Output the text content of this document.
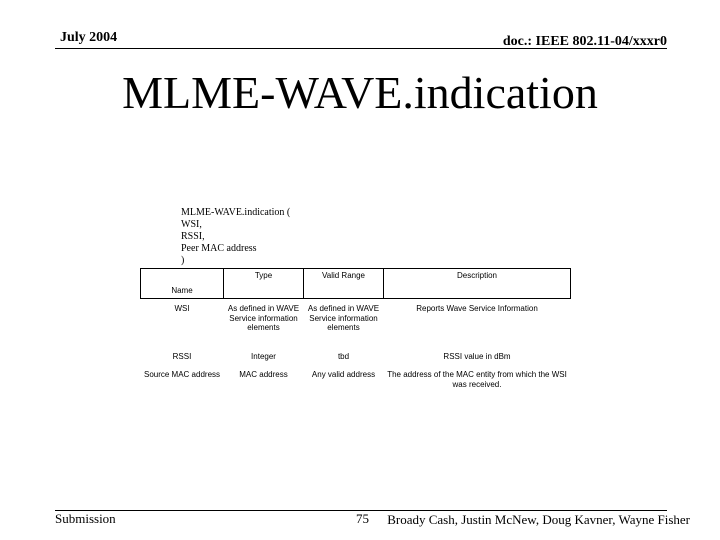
July 2004	doc.: IEEE 802.11-04/xxxr0
MLME-WAVE.indication
MLME-WAVE.indication (
WSI,
RSSI,
Peer MAC address
)
Name	Type	Valid Range	Description
WSI	As defined in WAVE Service information elements	As defined in WAVE Service information elements	Reports Wave Service Information
RSSI	Integer	tbd	RSSI value in dBm
Source MAC address	MAC address	Any valid address	The address of the MAC entity from which the WSI was received.
Submission	75 Broady Cash, Justin McNew, Doug Kavner, Wayne Fisher
